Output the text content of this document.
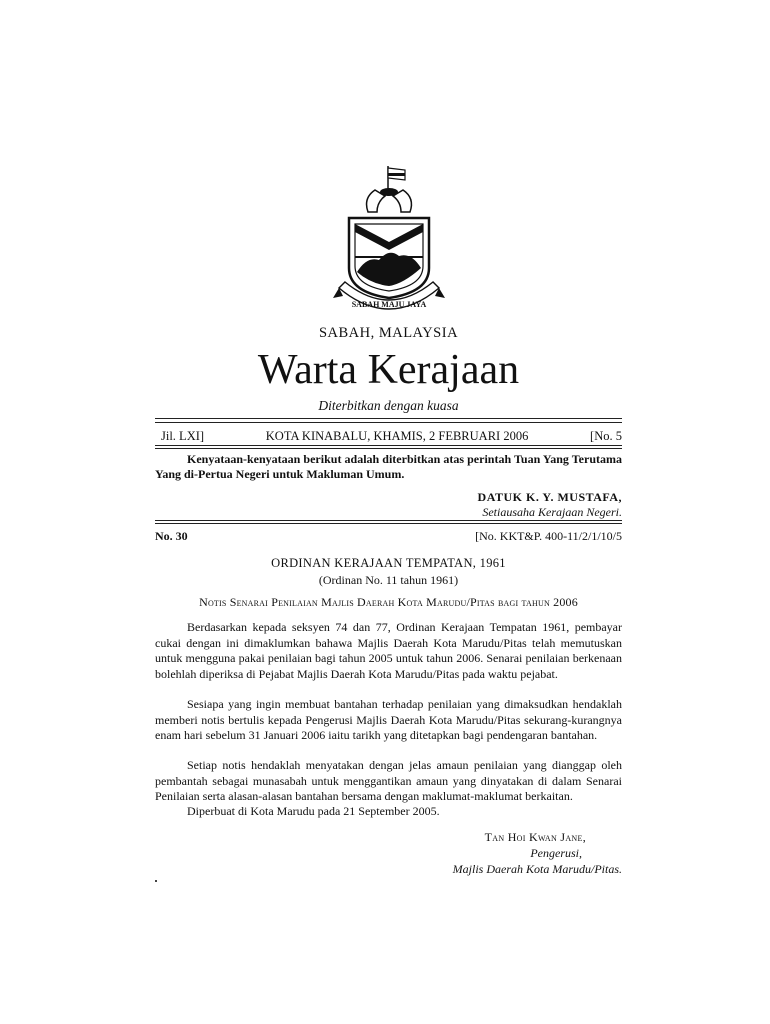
SABAH MAJU JAYA
SABAH, MALAYSIA
Warta Kerajaan
Diterbitkan dengan kuasa
Jil. LXI]	KOTA KINABALU, KHAMIS, 2 FEBRUARI 2006	[No. 5
Kenyataan-kenyataan berikut adalah diterbitkan atas perintah Tuan Yang Terutama Yang di-Pertua Negeri untuk Makluman Umum.
DATUK K. Y. MUSTAFA,
Setiausaha Kerajaan Negeri.
No. 30	[No. KKT&P. 400-11/2/1/10/5
ORDINAN KERAJAAN TEMPATAN, 1961
(Ordinan No. 11 tahun 1961)
Notis Senarai Penilaian Majlis Daerah Kota Marudu/Pitas bagi tahun 2006
Berdasarkan kepada seksyen 74 dan 77, Ordinan Kerajaan Tempatan 1961, pembayar cukai dengan ini dimaklumkan bahawa Majlis Daerah Kota Marudu/Pitas telah memutuskan untuk mengguna pakai penilaian bagi tahun 2005 untuk tahun 2006. Senarai penilaian berkenaan bolehlah diperiksa di Pejabat Majlis Daerah Kota Marudu/Pitas pada waktu pejabat.
Sesiapa yang ingin membuat bantahan terhadap penilaian yang dimaksudkan hendaklah memberi notis bertulis kepada Pengerusi Majlis Daerah Kota Marudu/Pitas sekurang-kurangnya enam hari sebelum 31 Januari 2006 iaitu tarikh yang ditetapkan bagi pendengaran bantahan.
Setiap notis hendaklah menyatakan dengan jelas amaun penilaian yang dianggap oleh pembantah sebagai munasabah untuk menggantikan amaun yang dinyatakan di dalam Senarai Penilaian serta alasan-alasan bantahan bersama dengan maklumat-maklumat berkaitan.
Diperbuat di Kota Marudu pada 21 September 2005.
Tan Hoi Kwan Jane,
Pengerusi,
Majlis Daerah Kota Marudu/Pitas.
